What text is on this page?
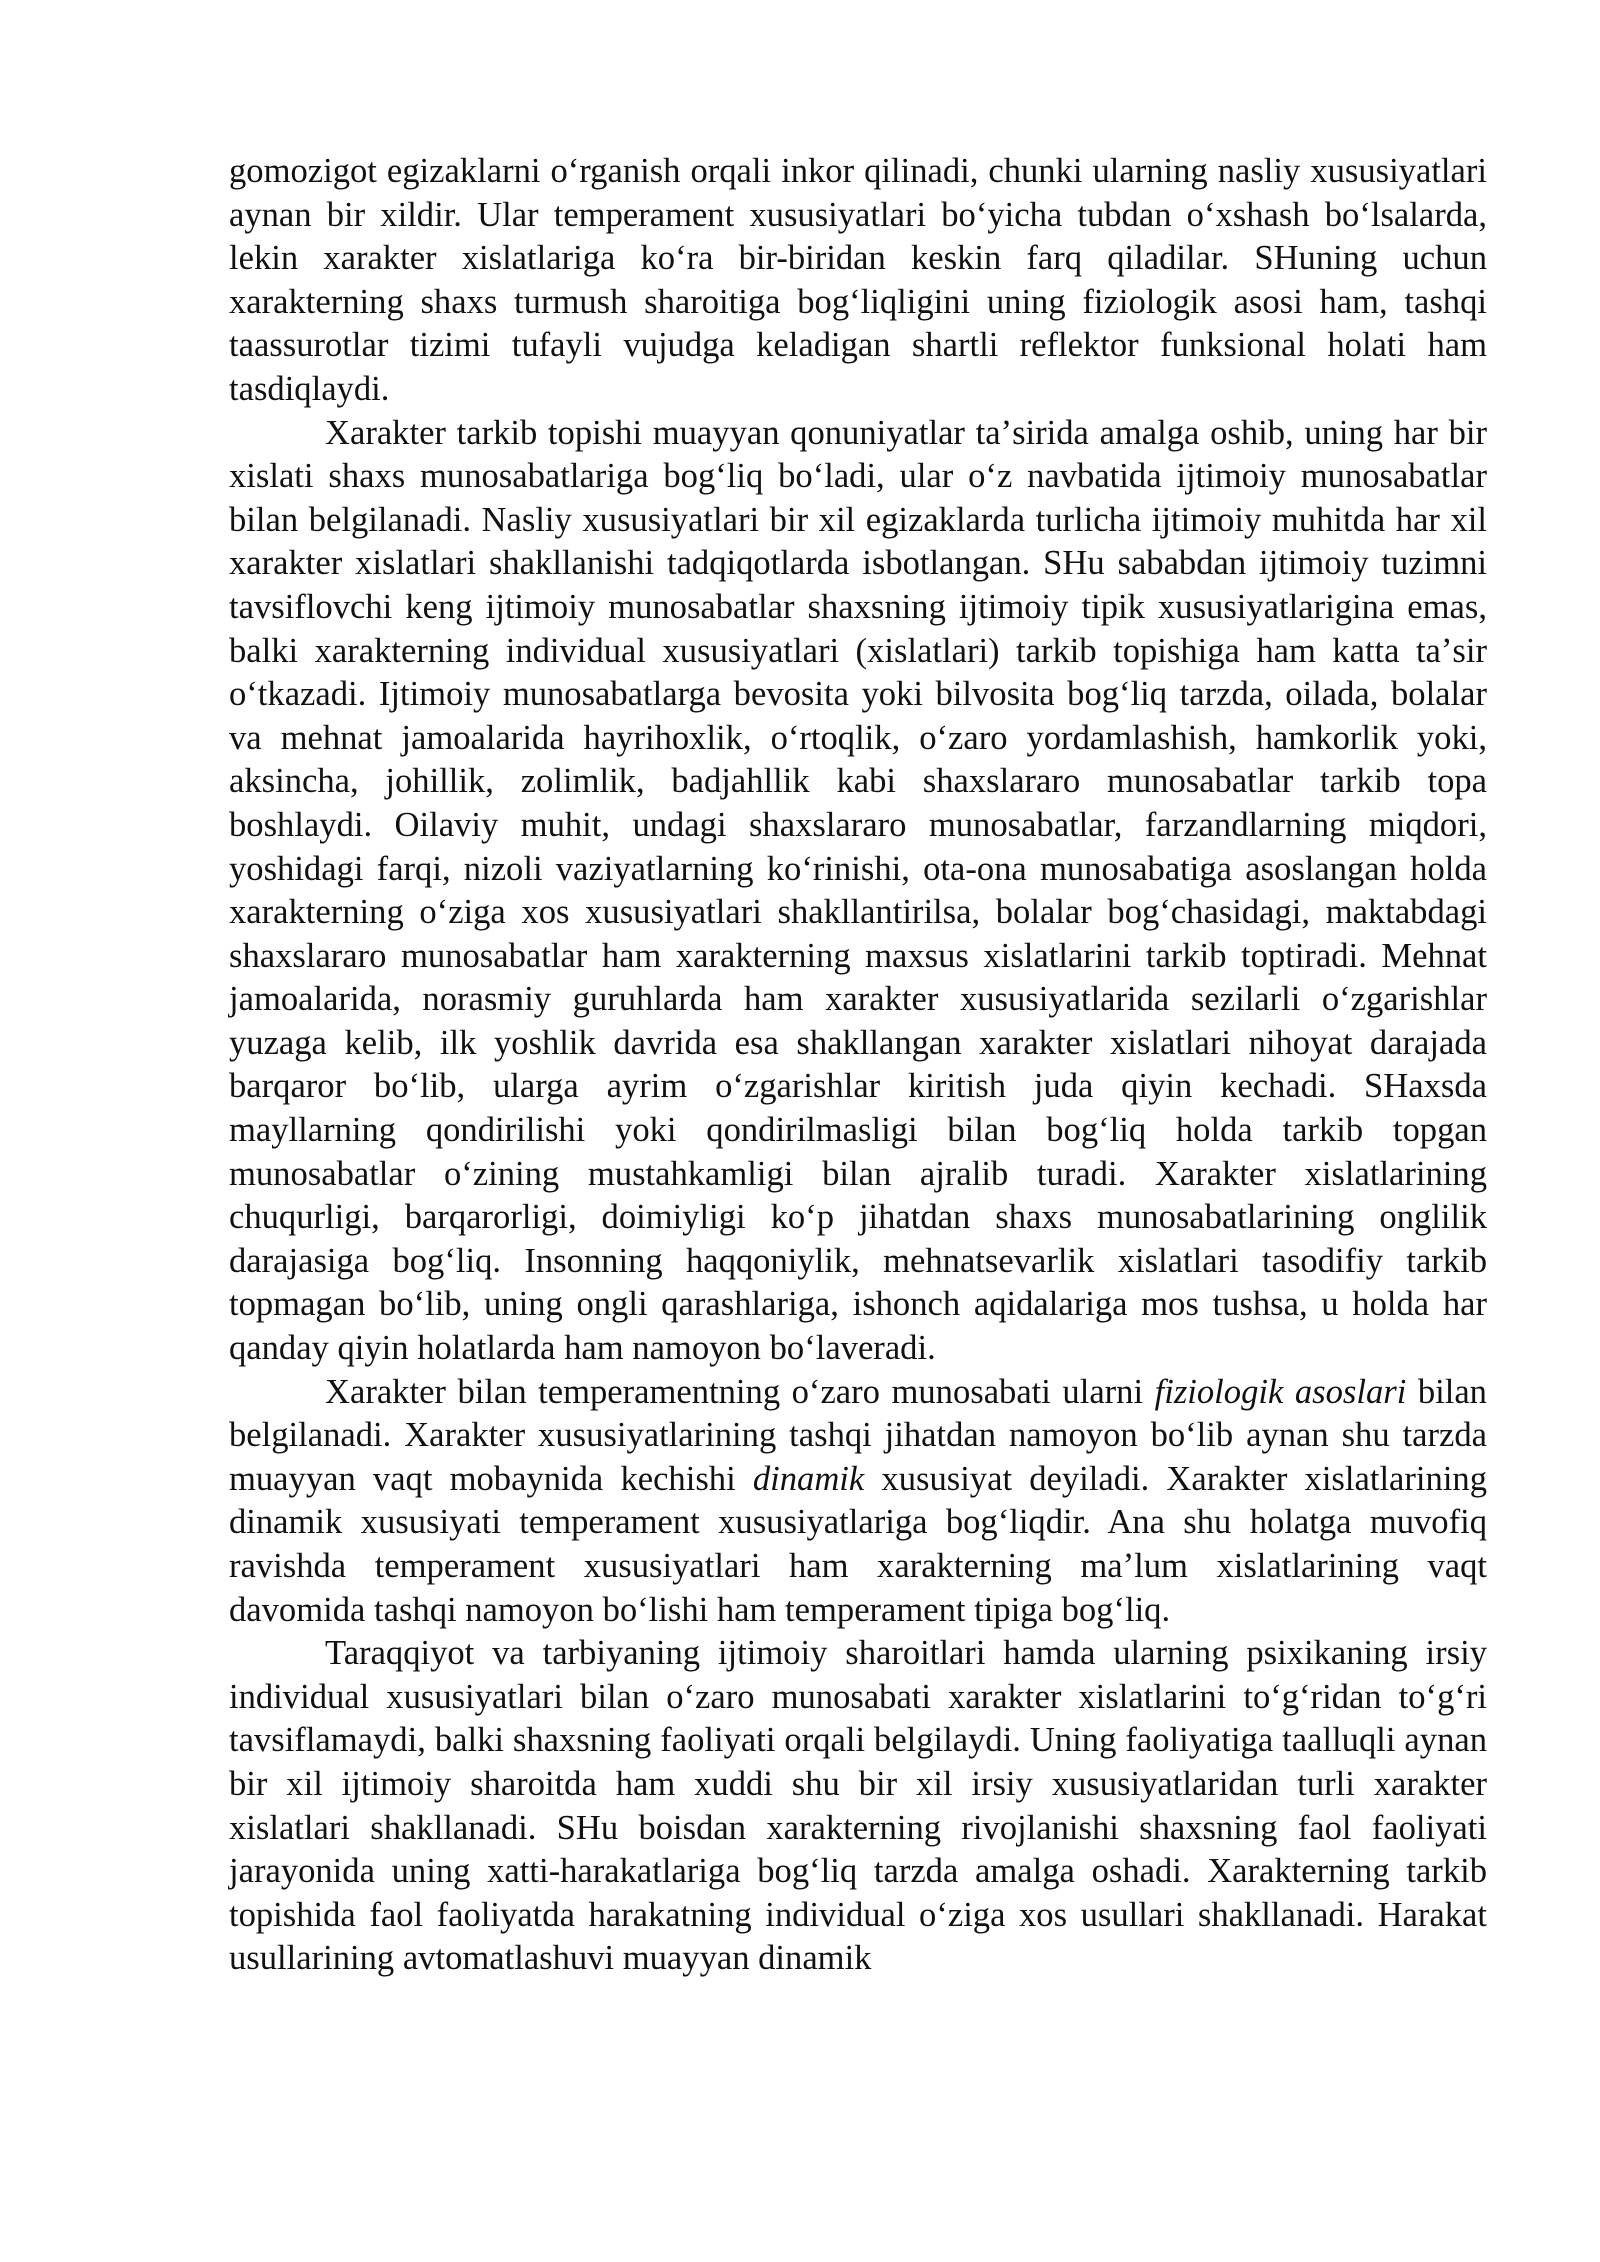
gomozigot egizaklarni oʻrganish orqali inkor qilinadi, chunki ularning nasliy xususiyatlari aynan bir xildir. Ular temperament xususiyatlari boʻyicha tubdan oʻxshash boʻlsalarda, lekin xarakter xislatlariga koʻra bir-biridan keskin farq qiladilar. SHuning uchun xarakterning shaxs turmush sharoitiga bogʻliqligini uning fiziologik asosi ham, tashqi taassurotlar tizimi tufayli vujudga keladigan shartli reflektor funksional holati ham tasdiqlaydi.

Xarakter tarkib topishi muayyan qonuniyatlar taʼsirida amalga oshib, uning har bir xislati shaxs munosabatlariga bogʻliq boʻladi, ular oʻz navbatida ijtimoiy munosabatlar bilan belgilanadi. Nasliy xususiyatlari bir xil egizaklarda turlicha ijtimoiy muhitda har xil xarakter xislatlari shakllanishi tadqiqotlarda isbotlangan. SHu sababdan ijtimoiy tuzimni tavsiflovchi keng ijtimoiy munosabatlar shaxsning ijtimoiy tipik xususiyatlarigina emas, balki xarakterning individual xususiyatlari (xislatlari) tarkib topishiga ham katta taʼsir oʻtkazadi. Ijtimoiy munosabatlarga bevosita yoki bilvosita bogʻliq tarzda, oilada, bolalar va mehnat jamoalarida hayrihoxlik, oʻrtoqlik, oʻzaro yordamlashish, hamkorlik yoki, aksincha, johillik, zolimlik, badjahllik kabi shaxslararo munosabatlar tarkib topa boshlaydi. Oilaviy muhit, undagi shaxslararo munosabatlar, farzandlarning miqdori, yoshidagi farqi, nizoli vaziyatlarning koʻrinishi, ota-ona munosabatiga asoslangan holda xarakterning oʻziga xos xususiyatlari shakllantirilsa, bolalar bogʻchasidagi, maktabdagi shaxslararo munosabatlar ham xarakterning maxsus xislatlarini tarkib toptiradi. Mehnat jamoalarida, norasmiy guruhlarda ham xarakter xususiyatlarida sezilarli oʻzgarishlar yuzaga kelib, ilk yoshlik davrida esa shakllangan xarakter xislatlari nihoyat darajada barqaror boʻlib, ularga ayrim oʻzgarishlar kiritish juda qiyin kechadi. SHaxsda mayllarning qondirilishi yoki qondirilmasligi bilan bogʻliq holda tarkib topgan munosabatlar oʻzining mustahkamligi bilan ajralib turadi. Xarakter xislatlarining chuqurligi, barqarorligi, doimiyligi koʻp jihatdan shaxs munosabatlarining onglilik darajasiga bogʻliq. Insonning haqqoniylik, mehnatsevarlik xislatlari tasodifiy tarkib topmagan boʻlib, uning ongli qarashlariga, ishonch aqidalariga mos tushsa, u holda har qanday qiyin holatlarda ham namoyon boʻlaveradi.

Xarakter bilan temperamentning oʻzaro munosabati ularni fiziologik asoslari bilan belgilanadi. Xarakter xususiyatlarining tashqi jihatdan namoyon boʻlib aynan shu tarzda muayyan vaqt mobaynida kechishi dinamik xususiyat deyiladi. Xarakter xislatlarining dinamik xususiyati temperament xususiyatlariga bogʻliqdir. Ana shu holatga muvofiq ravishda temperament xususiyatlari ham xarakterning maʼlum xislatlarining vaqt davomida tashqi namoyon boʻlishi ham temperament tipiga bogʻliq.

Taraqqiyot va tarbiyaning ijtimoiy sharoitlari hamda ularning psixikaning irsiy individual xususiyatlari bilan oʻzaro munosabati xarakter xislatlarini toʻgʻridan toʻgʻri tavsiflamaydi, balki shaxsning faoliyati orqali belgilaydi. Uning faoliyatiga taalluqli aynan bir xil ijtimoiy sharoitda ham xuddi shu bir xil irsiy xususiyatlaridan turli xarakter xislatlari shakllanadi. SHu boisdan xarakterning rivojlanishi shaxsning faol faoliyati jarayonida uning xatti-harakatlariga bogʻliq tarzda amalga oshadi. Xarakterning tarkib topishida faol faoliyatda harakatning individual oʻziga xos usullari shakllanadi. Harakat usullarining avtomatlashuvi muayyan dinamik
